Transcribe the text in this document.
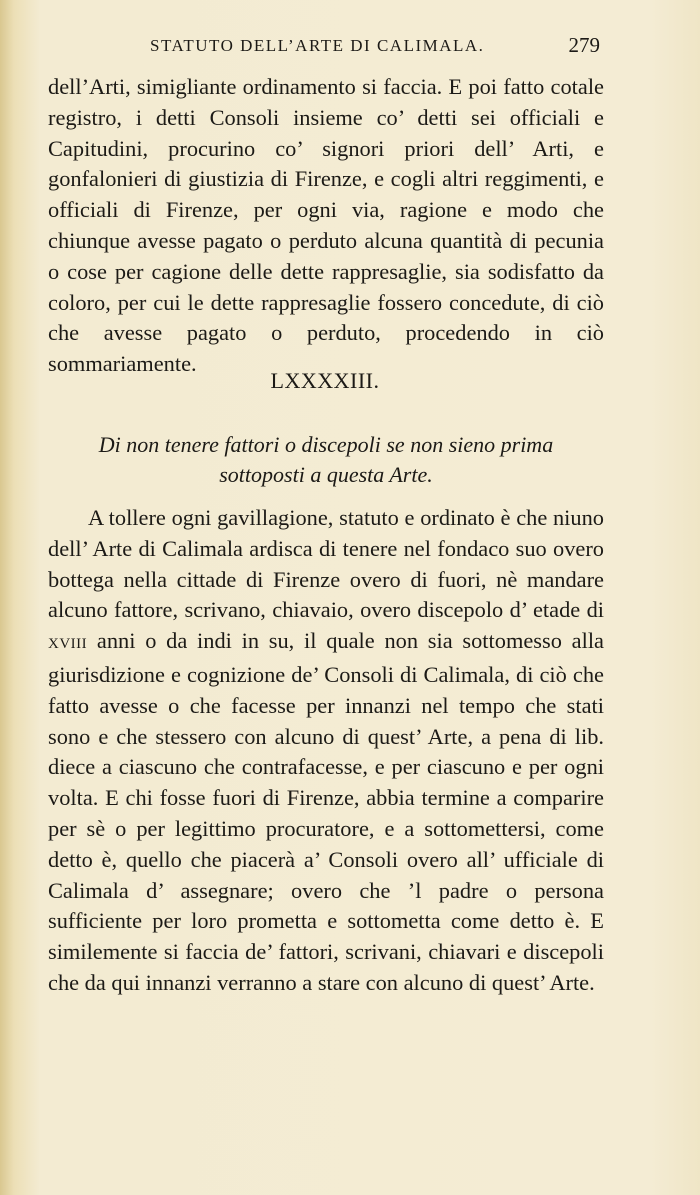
STATUTO DELL’ARTE DI CALIMALA.	279
dell’Arti, simigliante ordinamento si faccia. E poi fatto cotale registro, i detti Consoli insieme co’ detti sei officiali e Capitudini, procurino co’ signori priori dell’ Arti, e gonfalonieri di giustizia di Firenze, e cogli altri reggimenti, e officiali di Firenze, per ogni via, ragione e modo che chiunque avesse pagato o perduto alcuna quantità di pecunia o cose per cagione delle dette rappresaglie, sia sodisfatto da coloro, per cui le dette rappresaglie fossero concedute, di ciò che avesse pagato o perduto, procedendo in ciò sommariamente.
LXXXXIII.
Di non tenere fattori o discepoli se non sieno prima
sottoposti a questa Arte.
A tollere ogni gavillagione, statuto e ordinato è che niuno dell’ Arte di Calimala ardisca di tenere nel fondaco suo overo bottega nella cittade di Firenze overo di fuori, nè mandare alcuno fattore, scrivano, chiavaio, overo discepolo d’ etade di XVIII anni o da indi in su, il quale non sia sottomesso alla giurisdizione e cognizione de’ Consoli di Calimala, di ciò che fatto avesse o che facesse per innanzi nel tempo che stati sono e che stessero con alcuno di quest’ Arte, a pena di lib. diece a ciascuno che contrafacesse, e per ciascuno e per ogni volta. E chi fosse fuori di Firenze, abbia termine a comparire per sè o per legittimo procuratore, e a sottomettersi, come detto è, quello che piacerà a’ Consoli overo all’ ufficiale di Calimala d’ assegnare; overo che ’l padre o persona sufficiente per loro prometta e sottometta come detto è. E similemente si faccia de’ fattori, scrivani, chiavari e discepoli che da qui innanzi verranno a stare con alcuno di quest’ Arte.
